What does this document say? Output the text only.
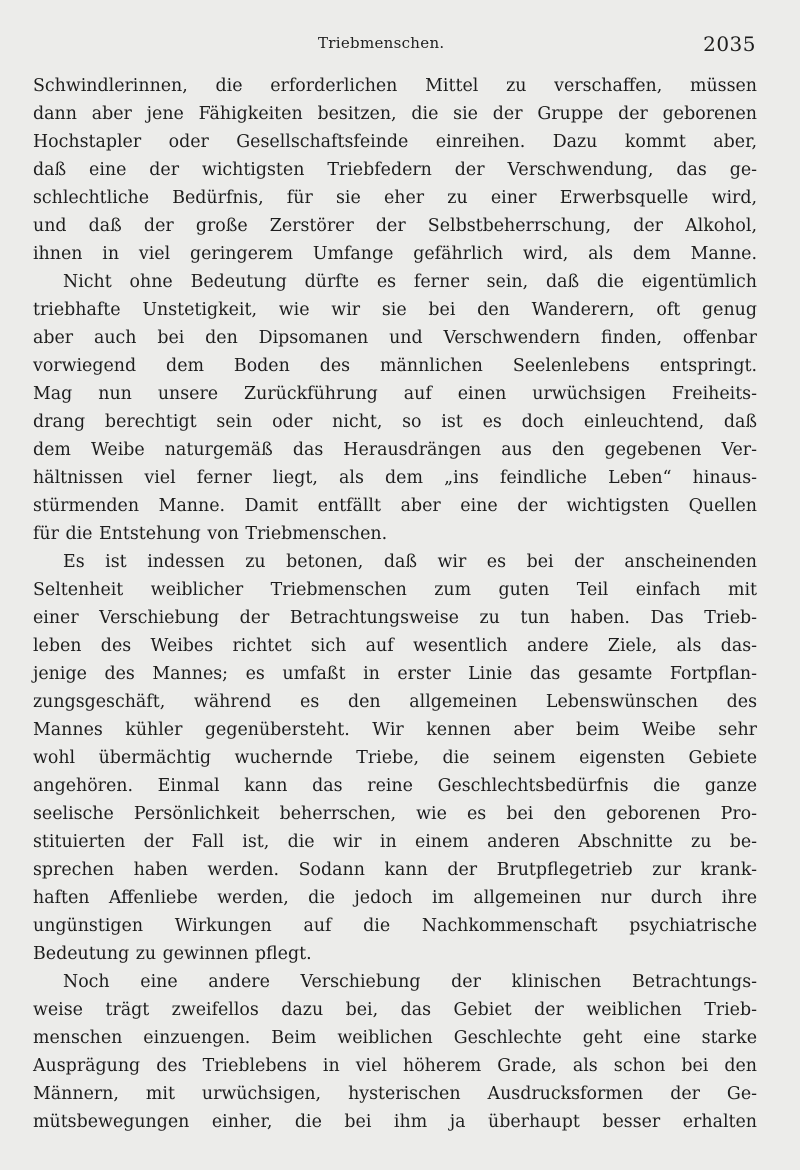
Triebmenschen.	2035

Schwindlerinnen, die erforderlichen Mittel zu verschaffen, müssen
dann aber jene Fähigkeiten besitzen, die sie der Gruppe der geborenen
Hochstapler oder Gesellschaftsfeinde einreihen. Dazu kommt aber,
daß eine der wichtigsten Triebfedern der Verschwendung, das ge-
schlechtliche Bedürfnis, für sie eher zu einer Erwerbsquelle wird,
und daß der große Zerstörer der Selbstbeherrschung, der Alkohol,
ihnen in viel geringerem Umfange gefährlich wird, als dem Manne.

Nicht ohne Bedeutung dürfte es ferner sein, daß die eigentümlich
triebhafte Unstetigkeit, wie wir sie bei den Wanderern, oft genug
aber auch bei den Dipsomanen und Verschwendern finden, offenbar
vorwiegend dem Boden des männlichen Seelenlebens entspringt.
Mag nun unsere Zurückführung auf einen urwüchsigen Freiheits-
drang berechtigt sein oder nicht, so ist es doch einleuchtend, daß
dem Weibe naturgemäß das Herausdrängen aus den gegebenen Ver-
hältnissen viel ferner liegt, als dem „ins feindliche Leben“ hinaus-
stürmenden Manne. Damit entfällt aber eine der wichtigsten Quellen
für die Entstehung von Triebmenschen.

Es ist indessen zu betonen, daß wir es bei der anscheinenden
Seltenheit weiblicher Triebmenschen zum guten Teil einfach mit
einer Verschiebung der Betrachtungsweise zu tun haben. Das Trieb-
leben des Weibes richtet sich auf wesentlich andere Ziele, als das-
jenige des Mannes; es umfaßt in erster Linie das gesamte Fortpflan-
zungsgeschäft, während es den allgemeinen Lebenswünschen des
Mannes kühler gegenübersteht. Wir kennen aber beim Weibe sehr
wohl übermächtig wuchernde Triebe, die seinem eigensten Gebiete
angehören. Einmal kann das reine Geschlechtsbedürfnis die ganze
seelische Persönlichkeit beherrschen, wie es bei den geborenen Pro-
stituierten der Fall ist, die wir in einem anderen Abschnitte zu be-
sprechen haben werden. Sodann kann der Brutpflegetrieb zur krank-
haften Affenliebe werden, die jedoch im allgemeinen nur durch ihre
ungünstigen Wirkungen auf die Nachkommenschaft psychiatrische
Bedeutung zu gewinnen pflegt.

Noch eine andere Verschiebung der klinischen Betrachtungs-
weise trägt zweifellos dazu bei, das Gebiet der weiblichen Trieb-
menschen einzuengen. Beim weiblichen Geschlechte geht eine starke
Ausprägung des Trieblebens in viel höherem Grade, als schon bei den
Männern, mit urwüchsigen, hysterischen Ausdrucksformen der Ge-
mütsbewegungen einher, die bei ihm ja überhaupt besser erhalten
